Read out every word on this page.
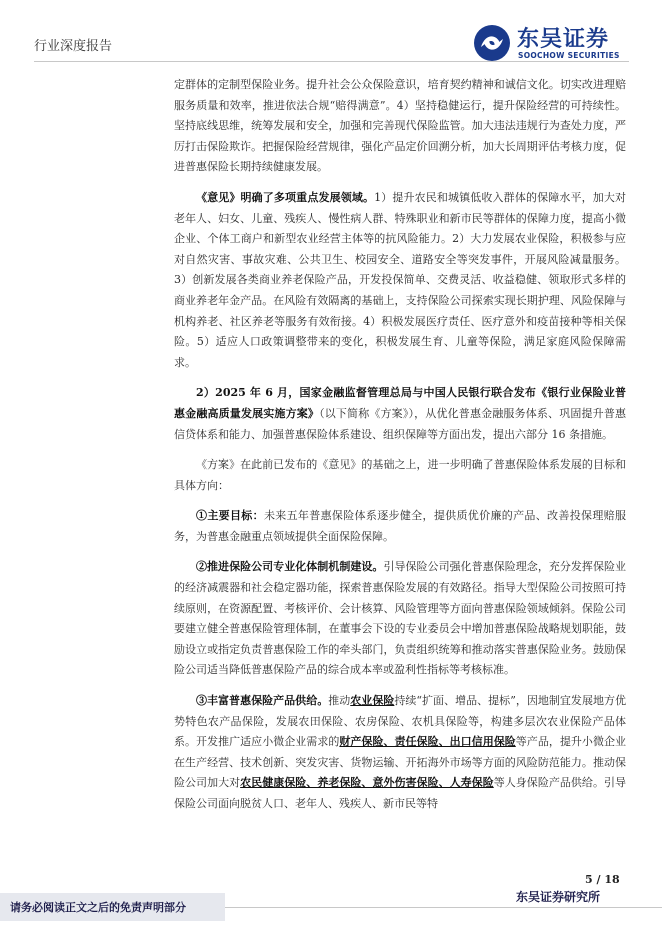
行业深度报告	东吴证券
SOOCHOW SECURITIES

定群体的定制型保险业务。提升社会公众保险意识，培育契约精神和诚信文化。切实改进理赔服务质量和效率，推进依法合规“赔得满意”。4）坚持稳健运行，提升保险经营的可持续性。坚持底线思维，统筹发展和安全，加强和完善现代保险监管。加大违法违规行为查处力度，严厉打击保险欺诈。把握保险经营规律，强化产品定价回溯分析，加大长周期评估考核力度，促进普惠保险长期持续健康发展。

《意见》明确了多项重点发展领域。1）提升农民和城镇低收入群体的保障水平，加大对老年人、妇女、儿童、残疾人、慢性病人群、特殊职业和新市民等群体的保障力度，提高小微企业、个体工商户和新型农业经营主体等的抗风险能力。2）大力发展农业保险，积极参与应对自然灾害、事故灾难、公共卫生、校园安全、道路安全等突发事件，开展风险减量服务。3）创新发展各类商业养老保险产品，开发投保简单、交费灵活、收益稳健、领取形式多样的商业养老年金产品。在风险有效隔离的基础上，支持保险公司探索实现长期护理、风险保障与机构养老、社区养老等服务有效衔接。4）积极发展医疗责任、医疗意外和疫苗接种等相关保险。5）适应人口政策调整带来的变化，积极发展生育、儿童等保险，满足家庭风险保障需求。

2）2025 年 6 月，国家金融监督管理总局与中国人民银行联合发布《银行业保险业普惠金融高质量发展实施方案》（以下简称《方案》），从优化普惠金融服务体系、巩固提升普惠信贷体系和能力、加强普惠保险体系建设、组织保障等方面出发，提出六部分 16 条措施。

《方案》在此前已发布的《意见》的基础之上，进一步明确了普惠保险体系发展的目标和具体方向：

①主要目标：未来五年普惠保险体系逐步健全，提供质优价廉的产品、改善投保理赔服务，为普惠金融重点领域提供全面保险保障。

②推进保险公司专业化体制机制建设。引导保险公司强化普惠保险理念，充分发挥保险业的经济减震器和社会稳定器功能，探索普惠保险发展的有效路径。指导大型保险公司按照可持续原则，在资源配置、考核评价、会计核算、风险管理等方面向普惠保险领域倾斜。保险公司要建立健全普惠保险管理体制，在董事会下设的专业委员会中增加普惠保险战略规划职能，鼓励设立或指定负责普惠保险工作的牵头部门，负责组织统筹和推动落实普惠保险业务。鼓励保险公司适当降低普惠保险产品的综合成本率或盈利性指标等考核标准。

③丰富普惠保险产品供给。推动农业保险持续“扩面、增品、提标”，因地制宜发展地方优势特色农产品保险，发展农田保险、农房保险、农机具保险等，构建多层次农业保险产品体系。开发推广适应小微企业需求的财产保险、责任保险、出口信用保险等产品，提升小微企业在生产经营、技术创新、突发灾害、货物运输、开拓海外市场等方面的风险防范能力。推动保险公司加大对农民健康保险、养老保险、意外伤害保险、人寿保险等人身保险产品供给。引导保险公司面向脱贫人口、老年人、残疾人、新市民等特

5 / 18
请务必阅读正文之后的免责声明部分
东吴证券研究所
